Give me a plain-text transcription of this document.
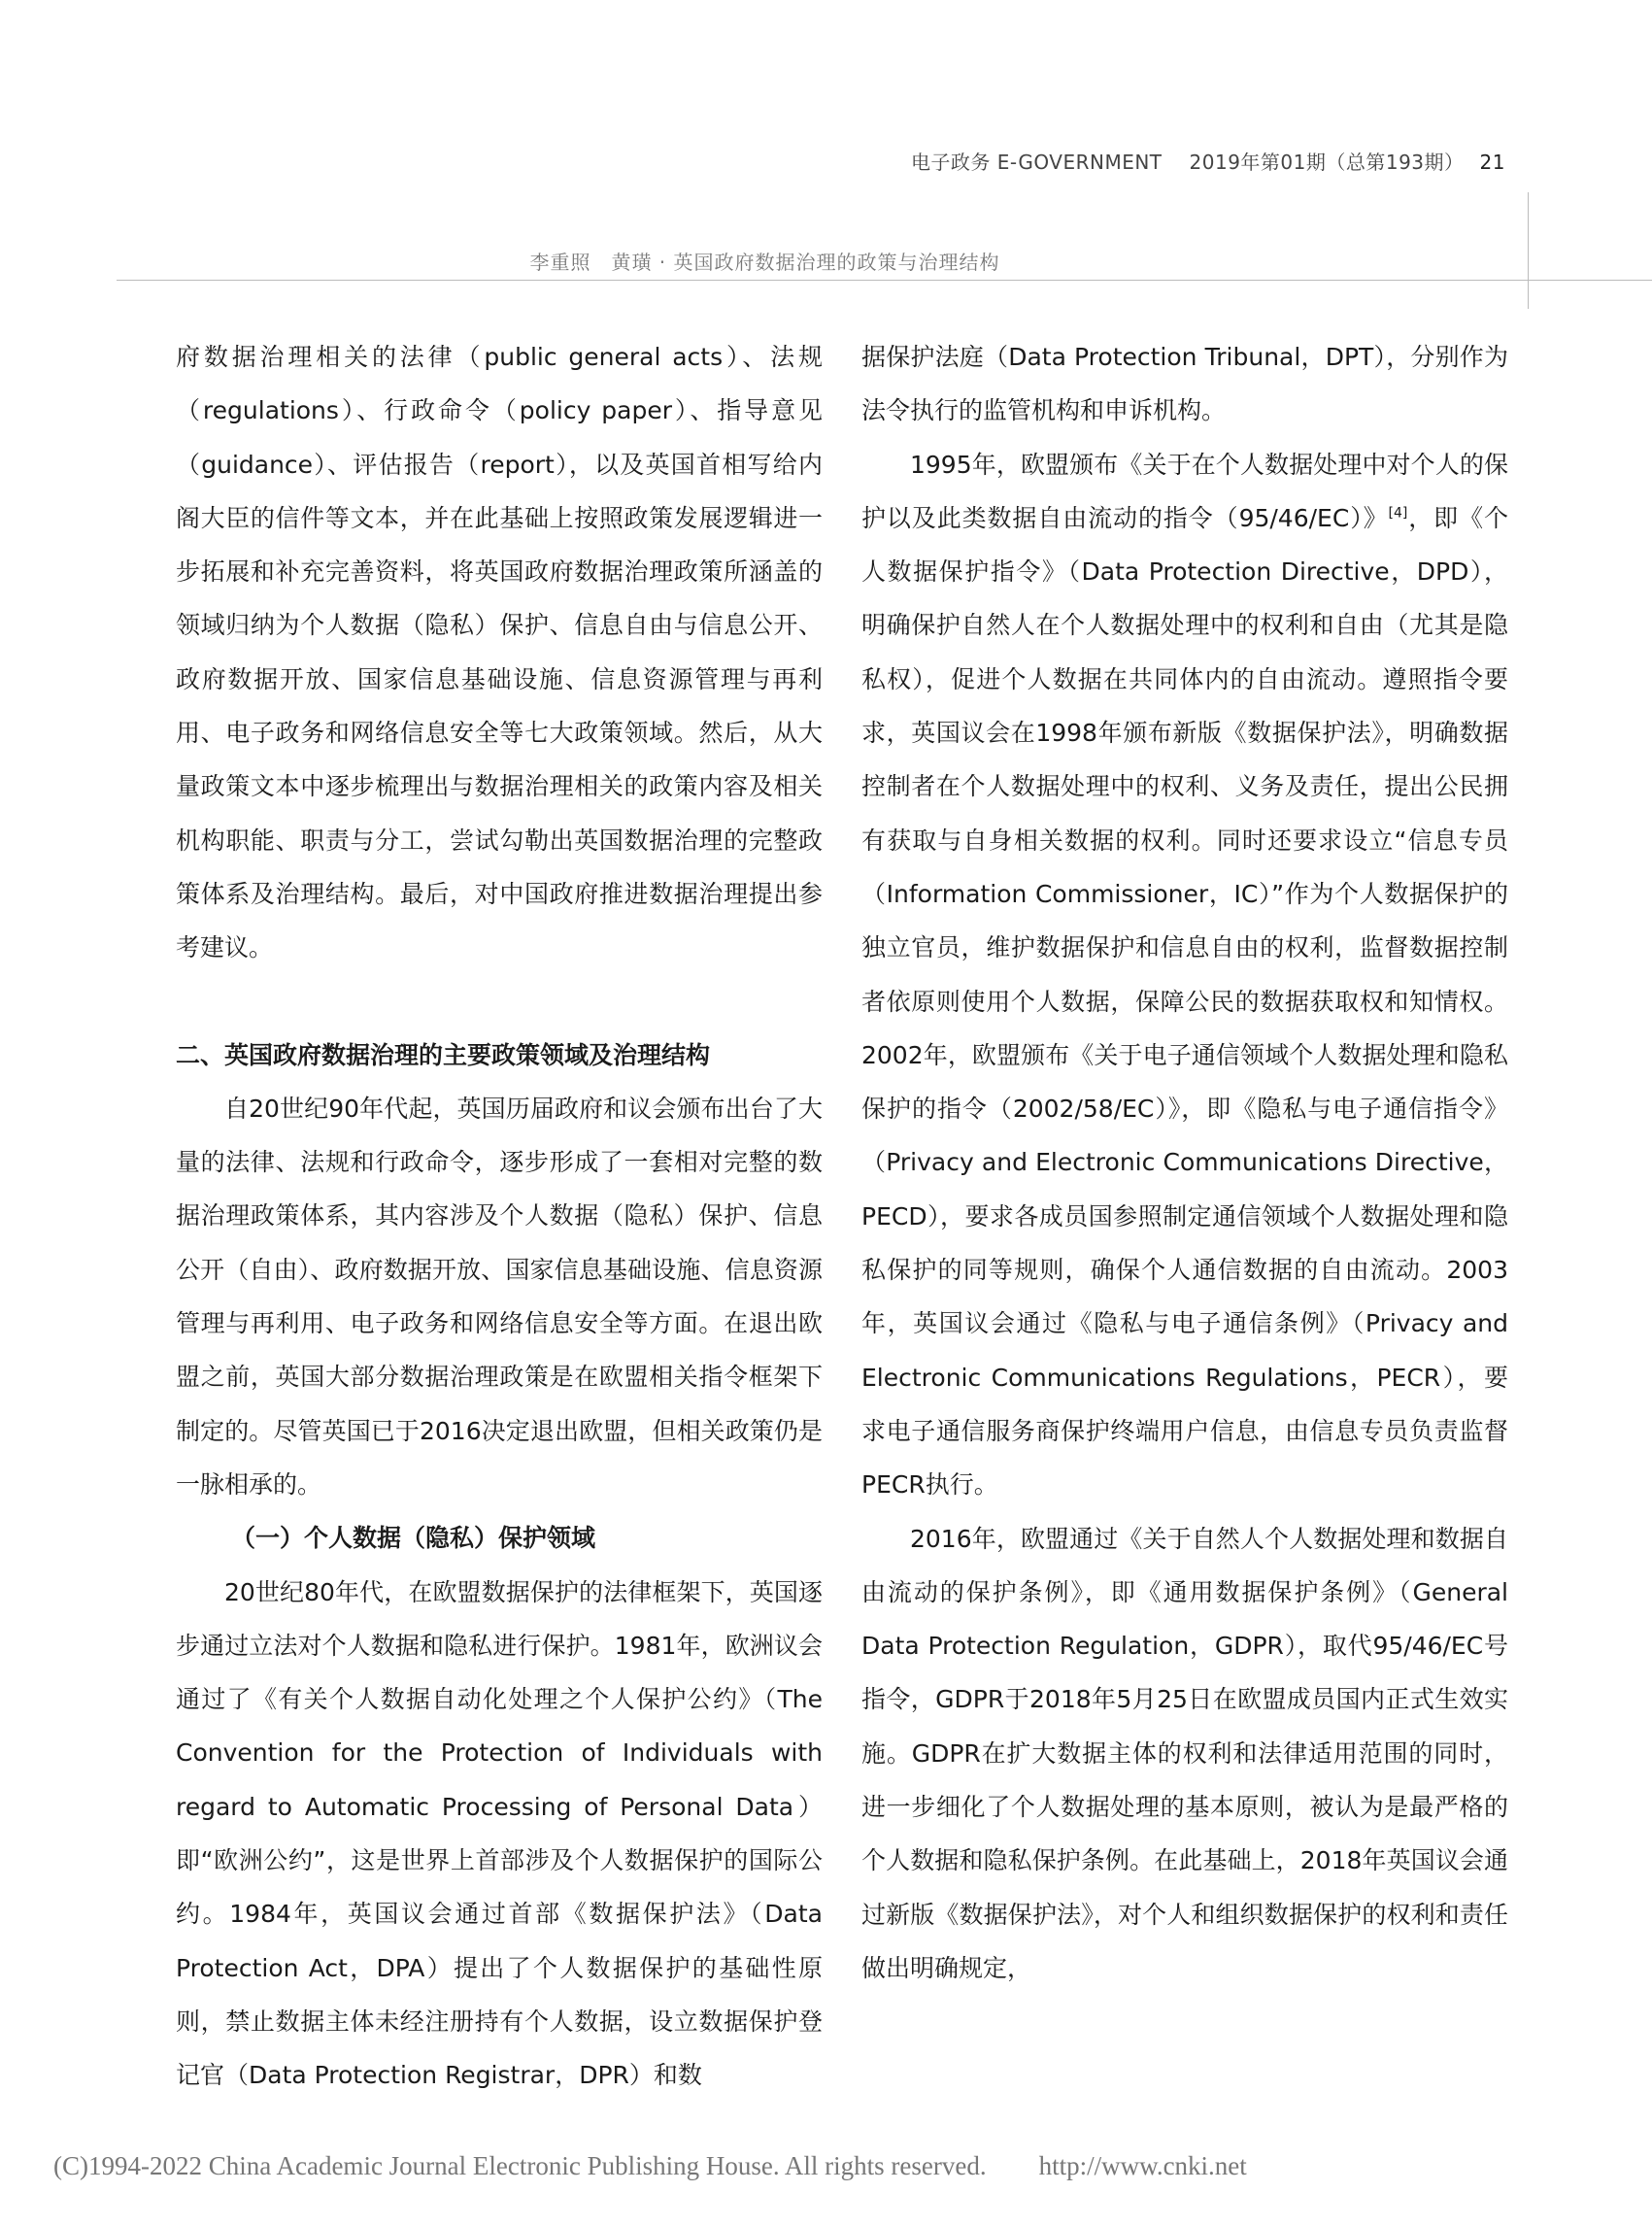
电子政务 E-GOVERNMENT 2019年第01期（总第193期） 21
李重照　黄璜 · 英国政府数据治理的政策与治理结构

府数据治理相关的法律（public general acts）、法规（regulations）、行政命令（policy paper）、指导意见（guidance）、评估报告（report），以及英国首相写给内阁大臣的信件等文本，并在此基础上按照政策发展逻辑进一步拓展和补充完善资料，将英国政府数据治理政策所涵盖的领域归纳为个人数据（隐私）保护、信息自由与信息公开、政府数据开放、国家信息基础设施、信息资源管理与再利用、电子政务和网络信息安全等七大政策领域。然后，从大量政策文本中逐步梳理出与数据治理相关的政策内容及相关机构职能、职责与分工，尝试勾勒出英国数据治理的完整政策体系及治理结构。最后，对中国政府推进数据治理提出参考建议。

二、英国政府数据治理的主要政策领域及治理结构

自20世纪90年代起，英国历届政府和议会颁布出台了大量的法律、法规和行政命令，逐步形成了一套相对完整的数据治理政策体系，其内容涉及个人数据（隐私）保护、信息公开（自由）、政府数据开放、国家信息基础设施、信息资源管理与再利用、电子政务和网络信息安全等方面。在退出欧盟之前，英国大部分数据治理政策是在欧盟相关指令框架下制定的。尽管英国已于2016决定退出欧盟，但相关政策仍是一脉相承的。

（一）个人数据（隐私）保护领域

20世纪80年代，在欧盟数据保护的法律框架下，英国逐步通过立法对个人数据和隐私进行保护。1981年，欧洲议会通过了《有关个人数据自动化处理之个人保护公约》（The Convention for the Protection of Individuals with regard to Automatic Processing of Personal Data）即“欧洲公约”，这是世界上首部涉及个人数据保护的国际公约。1984年，英国议会通过首部《数据保护法》（Data Protection Act，DPA）提出了个人数据保护的基础性原则，禁止数据主体未经注册持有个人数据，设立数据保护登记官（Data Protection Registrar，DPR）和数

据保护法庭（Data Protection Tribunal，DPT），分别作为法令执行的监管机构和申诉机构。

1995年，欧盟颁布《关于在个人数据处理中对个人的保护以及此类数据自由流动的指令（95/46/EC）》[4]，即《个人数据保护指令》（Data Protection Directive，DPD），明确保护自然人在个人数据处理中的权利和自由（尤其是隐私权），促进个人数据在共同体内的自由流动。遵照指令要求，英国议会在1998年颁布新版《数据保护法》，明确数据控制者在个人数据处理中的权利、义务及责任，提出公民拥有获取与自身相关数据的权利。同时还要求设立“信息专员（Information Commissioner，IC）”作为个人数据保护的独立官员，维护数据保护和信息自由的权利，监督数据控制者依原则使用个人数据，保障公民的数据获取权和知情权。2002年，欧盟颁布《关于电子通信领域个人数据处理和隐私保护的指令（2002/58/EC）》，即《隐私与电子通信指令》（Privacy and Electronic Communications Directive，PECD），要求各成员国参照制定通信领域个人数据处理和隐私保护的同等规则，确保个人通信数据的自由流动。2003年，英国议会通过《隐私与电子通信条例》（Privacy and Electronic Communications Regulations，PECR），要求电子通信服务商保护终端用户信息，由信息专员负责监督PECR执行。

2016年，欧盟通过《关于自然人个人数据处理和数据自由流动的保护条例》，即《通用数据保护条例》（General Data Protection Regulation，GDPR），取代95/46/EC号指令，GDPR于2018年5月25日在欧盟成员国内正式生效实施。GDPR在扩大数据主体的权利和法律适用范围的同时，进一步细化了个人数据处理的基本原则，被认为是最严格的个人数据和隐私保护条例。在此基础上，2018年英国议会通过新版《数据保护法》，对个人和组织数据保护的权利和责任做出明确规定，

(C)1994-2022 China Academic Journal Electronic Publishing House. All rights reserved.　　http://www.cnki.net
